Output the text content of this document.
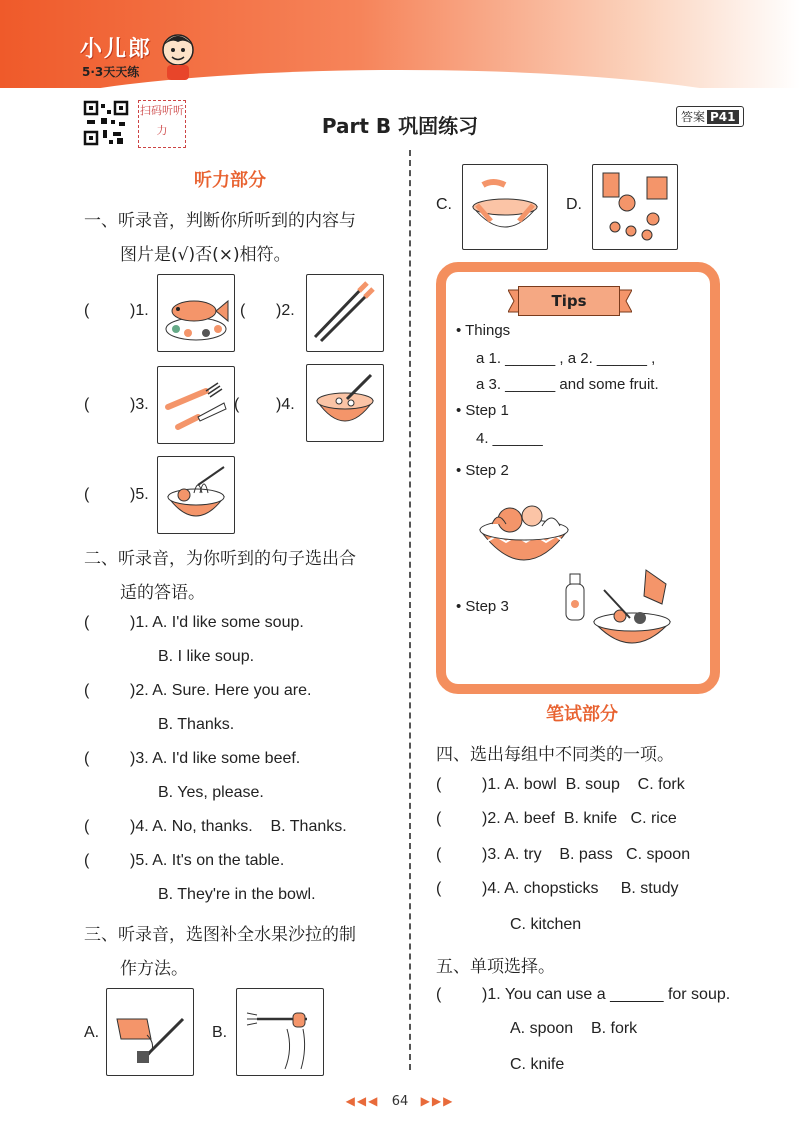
小儿郎
5·3天天练
扫码听听力	Part B 巩固练习	答案 P41
听力部分
一、听录音，判断你所听到的内容与
图片是(√)否(×)相符。
(	)1.	( )2.
(	)3.	( )4.
(	)5.
二、听录音，为你听到的句子选出合
适的答语。
(	)1. A. I'd like some soup.
B. I like soup.
(	)2. A. Sure. Here you are.
B. Thanks.
(	)3. A. I'd like some beef.
B. Yes, please.
(	)4. A. No, thanks.    B. Thanks.
(	)5. A. It's on the table.
B. They're in the bowl.
三、听录音，选图补全水果沙拉的制
作方法。
A.	B.
C.	D.
Tips
• Things
a 1. ______ , a 2. ______ ,
a 3. ______ and some fruit.
• Step 1
4. ______
• Step 2
• Step 3
笔试部分
四、选出每组中不同类的一项。
(	)1. A. bowl  B. soup    C. fork
(	)2. A. beef  B. knife   C. rice
(	)3. A. try    B. pass   C. spoon
(	)4. A. chopsticks     B. study
C. kitchen
五、单项选择。
(	)1. You can use a ______ for soup.
A. spoon    B. fork
C. knife
◀◀◀ 64 ▶▶▶
